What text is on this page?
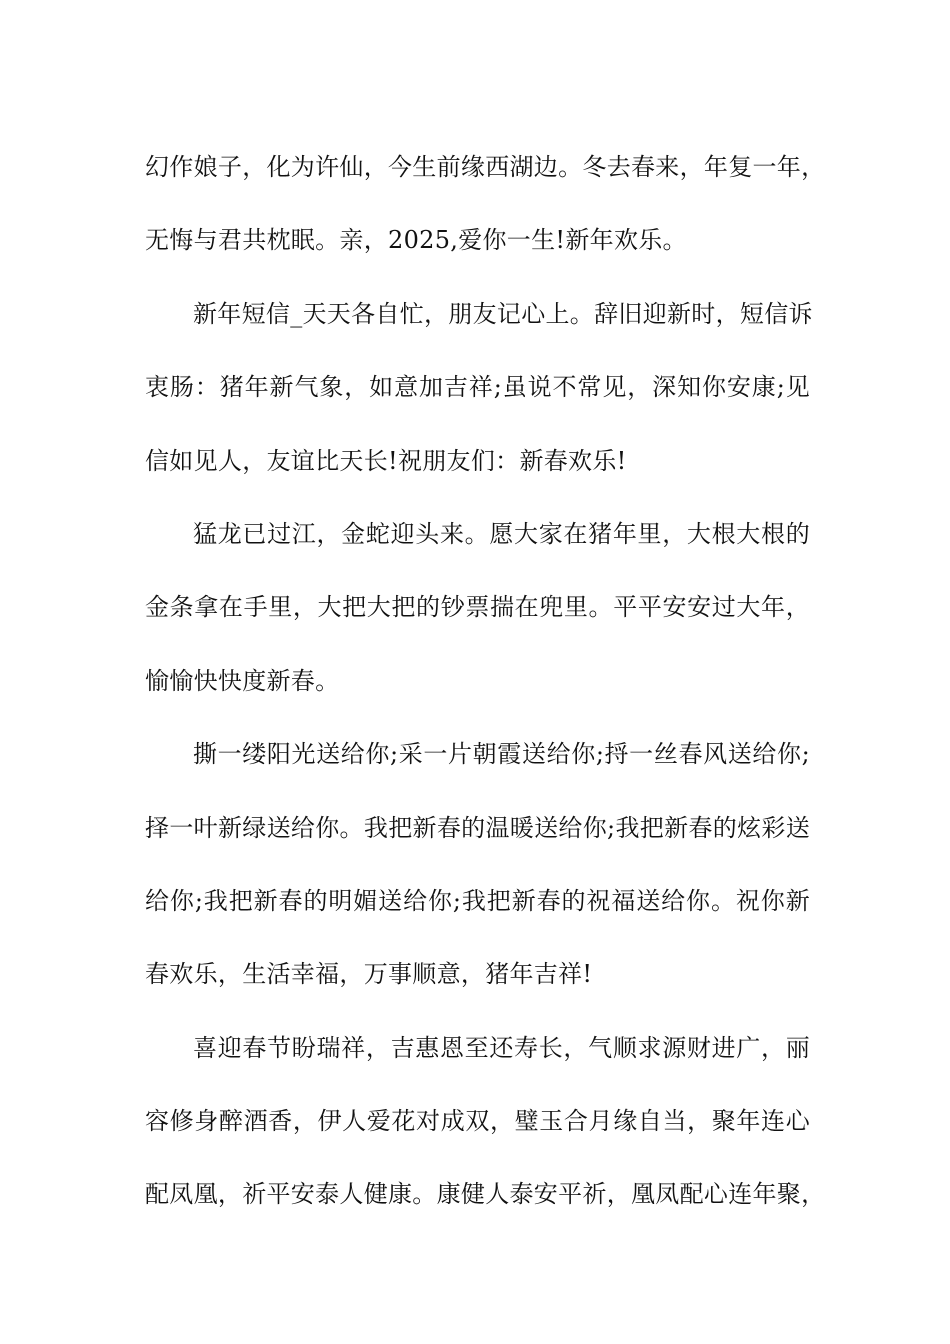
幻作娘子，化为许仙，今生前缘西湖边。冬去春来，年复一年，
无悔与君共枕眠。亲，2025,爱你一生!新年欢乐。
新年短信_天天各自忙，朋友记心上。辞旧迎新时，短信诉
衷肠：猪年新气象，如意加吉祥;虽说不常见，深知你安康;见
信如见人，友谊比天长!祝朋友们：新春欢乐!
猛龙已过江，金蛇迎头来。愿大家在猪年里，大根大根的
金条拿在手里，大把大把的钞票揣在兜里。平平安安过大年，
愉愉快快度新春。
撕一缕阳光送给你;采一片朝霞送给你;捋一丝春风送给你;
择一叶新绿送给你。我把新春的温暖送给你;我把新春的炫彩送
给你;我把新春的明媚送给你;我把新春的祝福送给你。祝你新
春欢乐，生活幸福，万事顺意，猪年吉祥!
喜迎春节盼瑞祥，吉惠恩至还寿长，气顺求源财进广，丽
容修身醉酒香，伊人爱花对成双，璧玉合月缘自当，聚年连心
配凤凰，祈平安泰人健康。康健人泰安平祈，凰凤配心连年聚，
